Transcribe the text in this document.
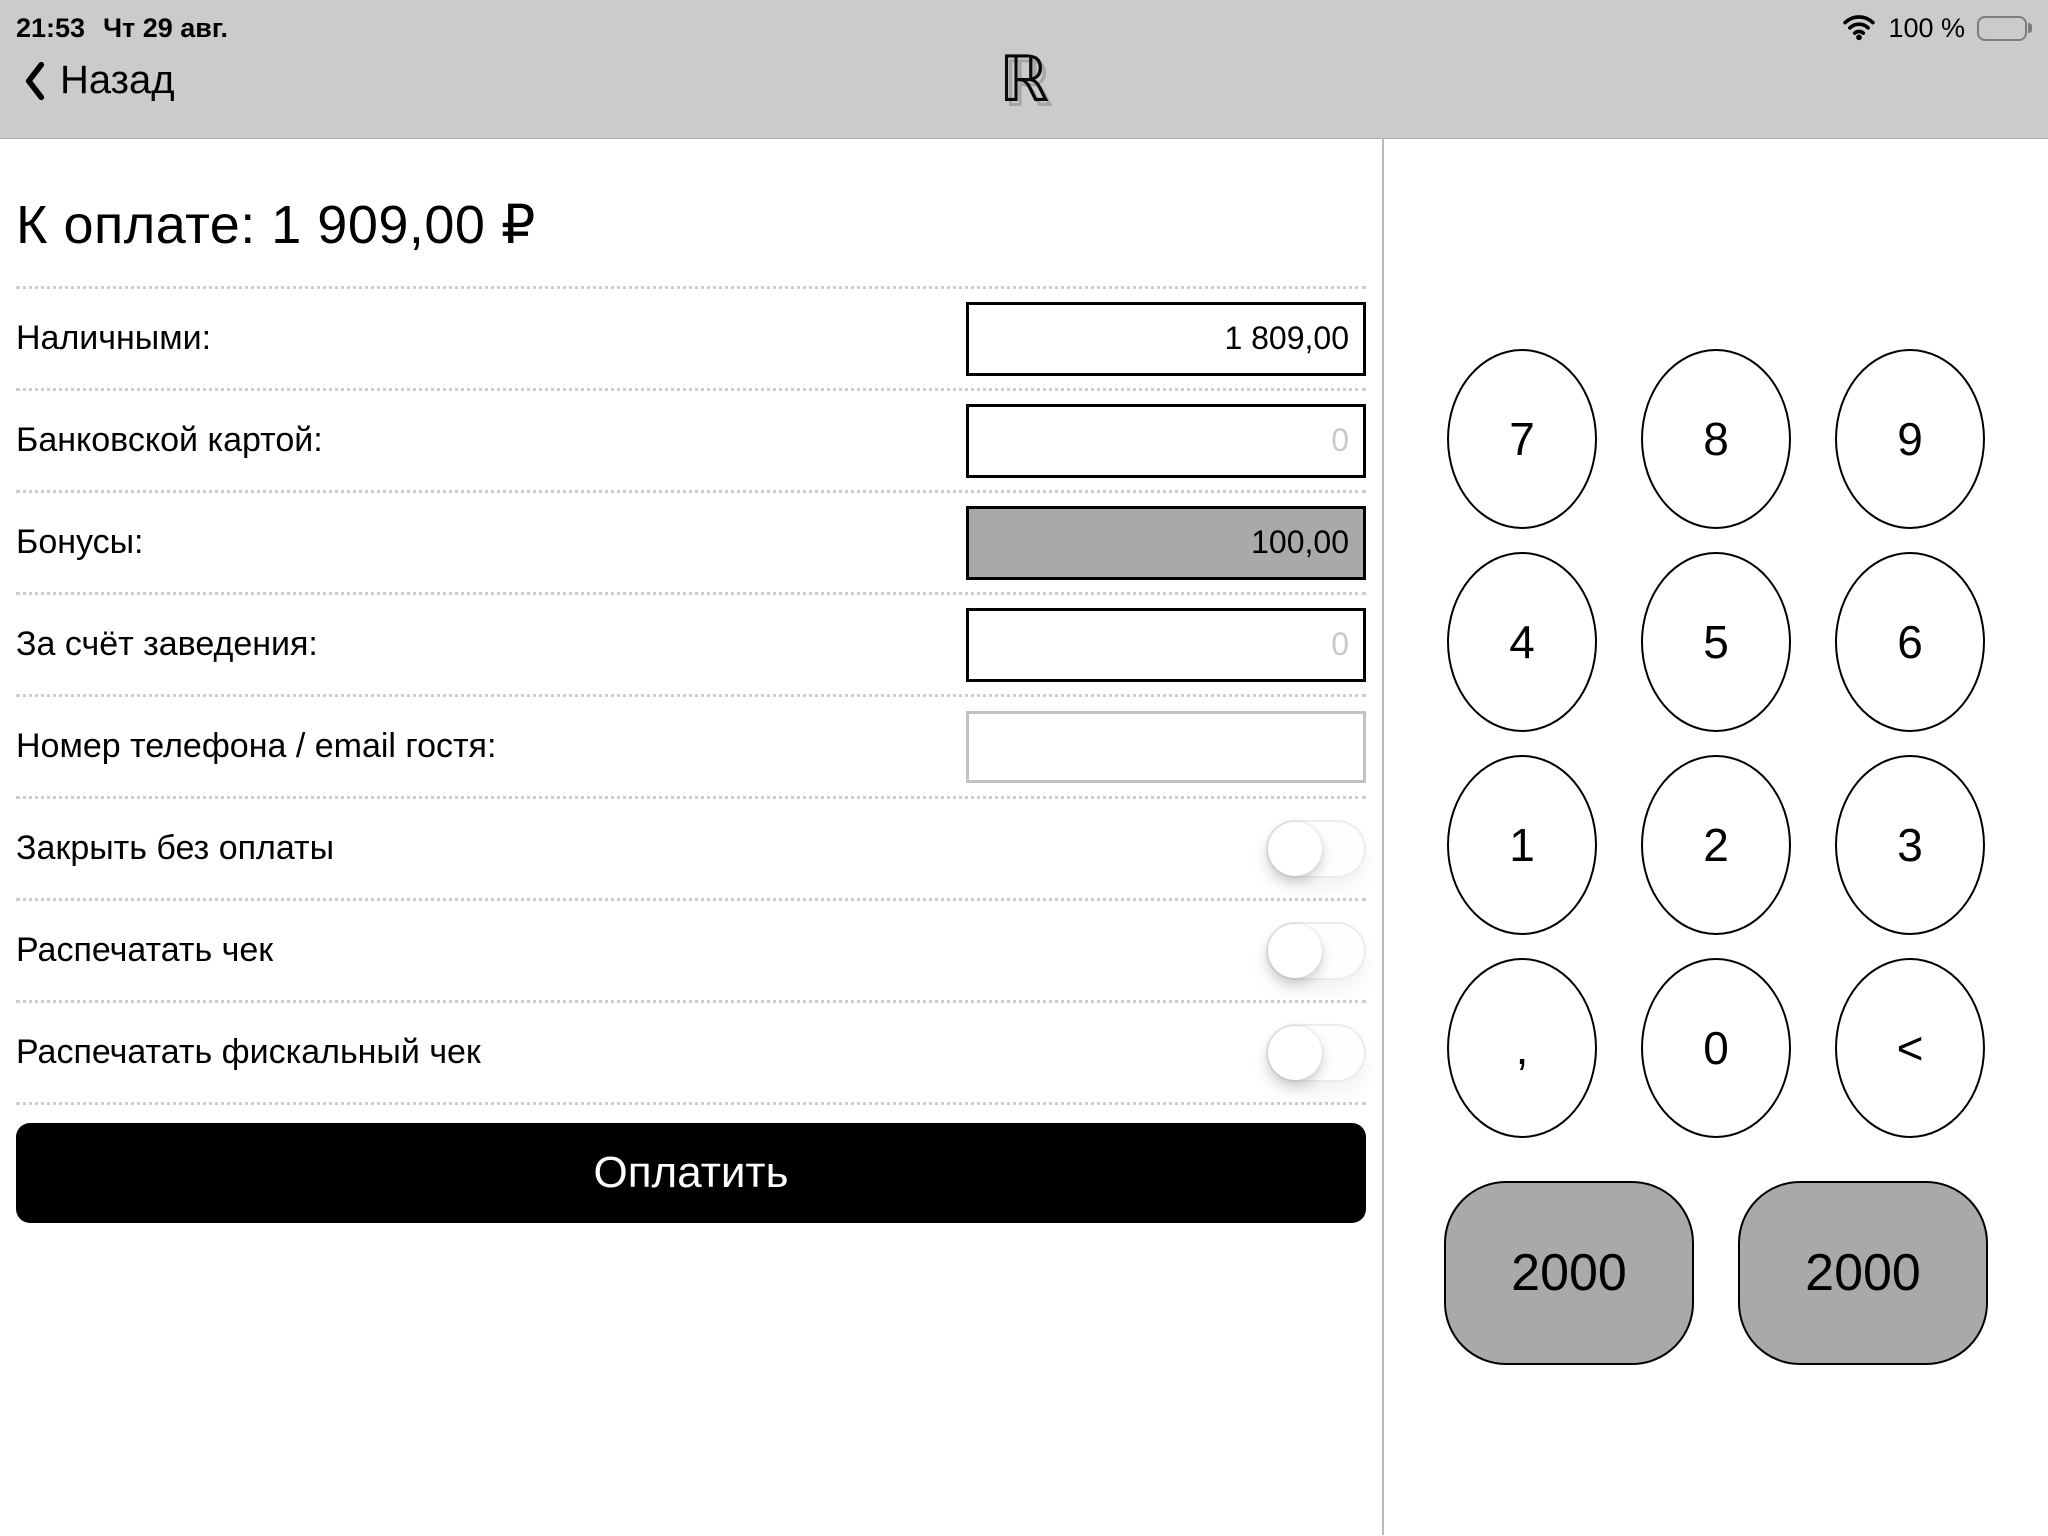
21:53 Чт 29 авг.	100 %
Назад	ℝ
К оплате: 1 909,00 ₽
Наличными:	1 809,00
Банковской картой:	0
Бонусы:	100,00
За счёт заведения:	0
Номер телефона / email гостя:
Закрыть без оплаты
Распечатать чек
Распечатать фискальный чек
Оплатить
7	8	9
4	5	6
1	2	3
,	0	<
2000	2000
